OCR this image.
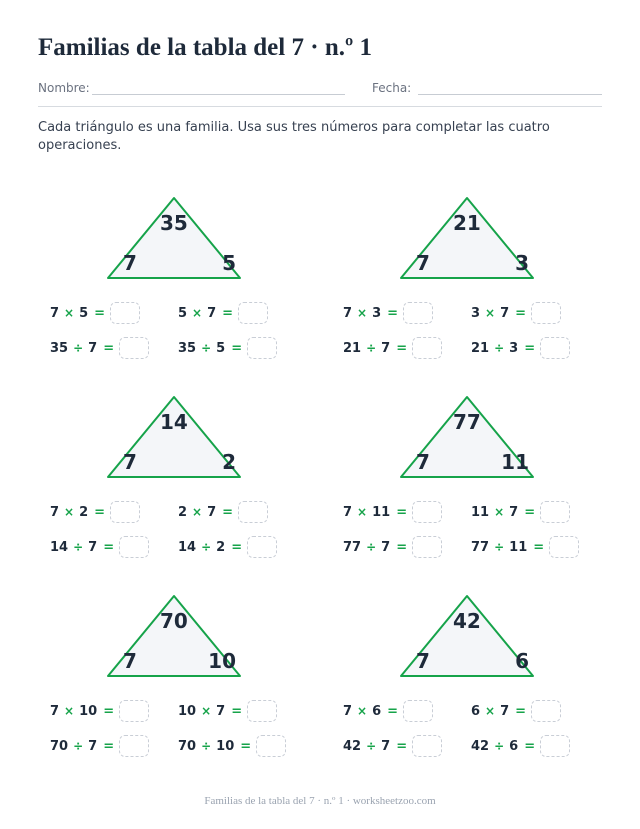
Familias de la tabla del 7 · n.º 1
Nombre:	Fecha:
Cada triángulo es una familia. Usa sus tres números para completar las cuatro operaciones.
35
7	5
7 × 5 =	5 × 7 =
35 ÷ 7 =	35 ÷ 5 =
21
7	3
7 × 3 =	3 × 7 =
21 ÷ 7 =	21 ÷ 3 =
14
7	2
7 × 2 =	2 × 7 =
14 ÷ 7 =	14 ÷ 2 =
77
7	11
7 × 11 =	11 × 7 =
77 ÷ 7 =	77 ÷ 11 =
70
7	10
7 × 10 =	10 × 7 =
70 ÷ 7 =	70 ÷ 10 =
42
7	6
7 × 6 =	6 × 7 =
42 ÷ 7 =	42 ÷ 6 =
Familias de la tabla del 7 · n.º 1 · worksheetzoo.com
